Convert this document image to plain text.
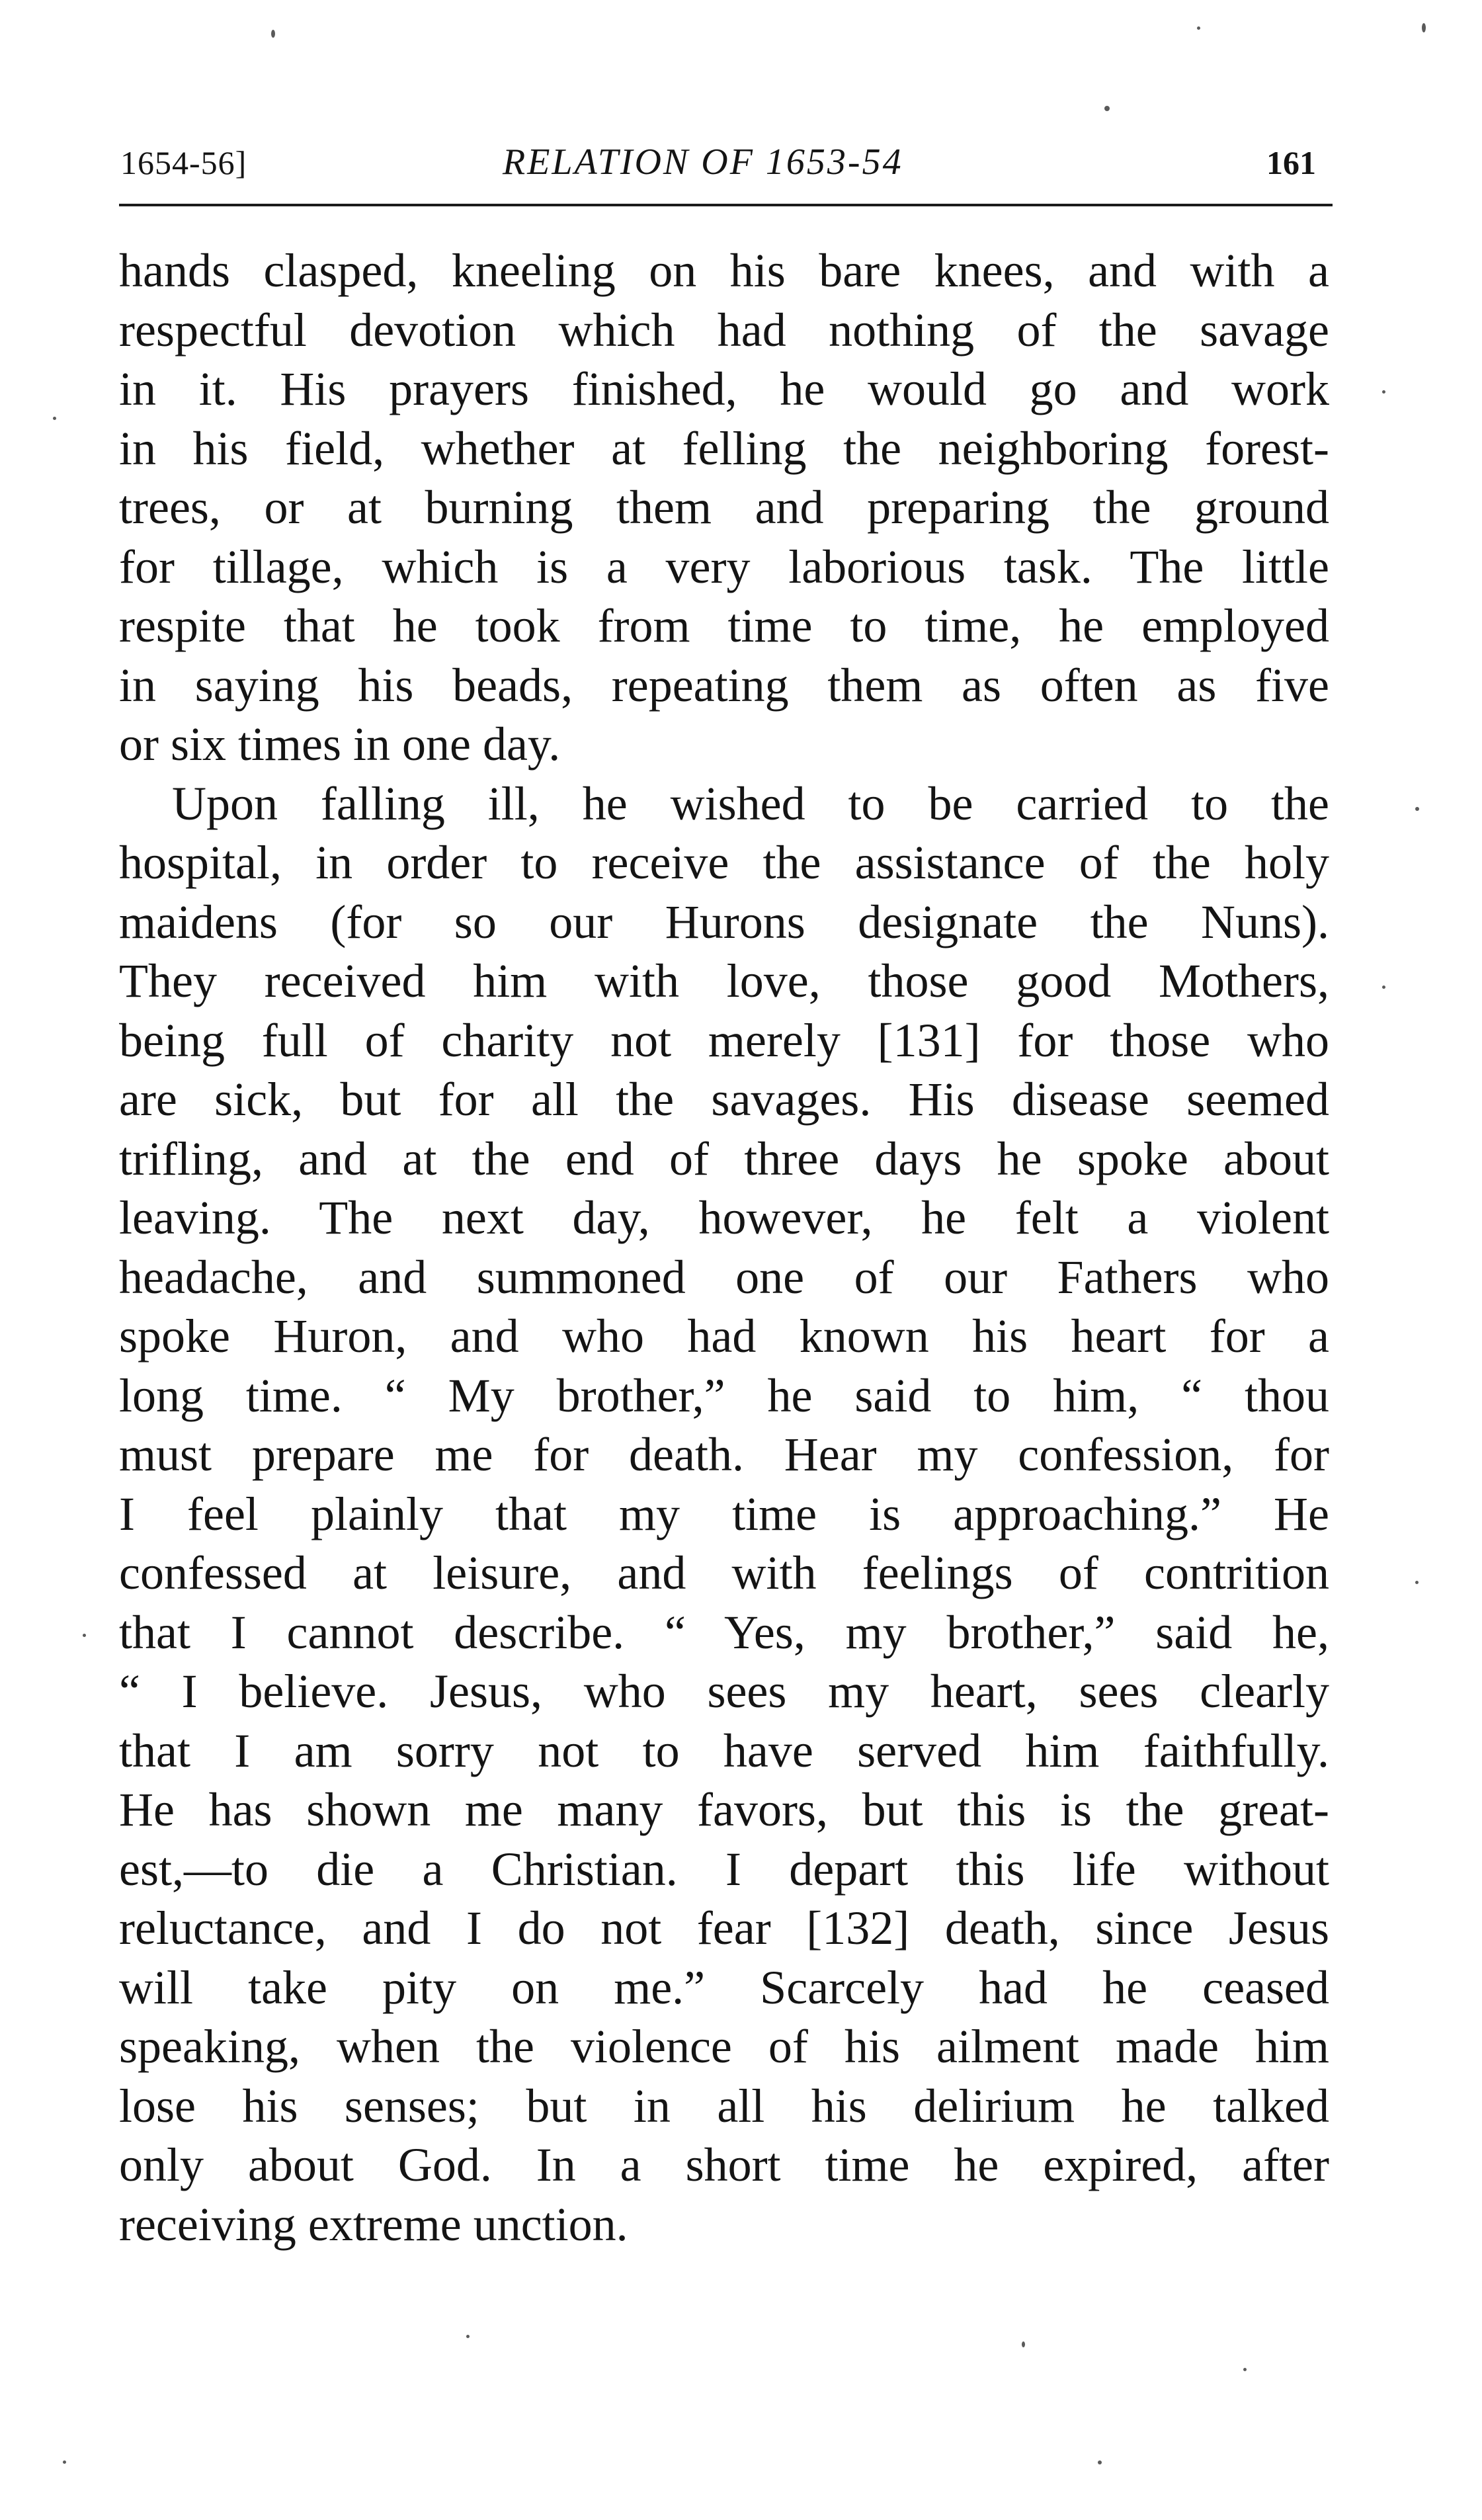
1654-56]	RELATION OF 1653-54	161
hands clasped, kneeling on his bare knees, and with a
respectful devotion which had nothing of the savage
in it. His prayers finished, he would go and work
in his field, whether at felling the neighboring forest-
trees, or at burning them and preparing the ground
for tillage, which is a very laborious task. The little
respite that he took from time to time, he employed
in saying his beads, repeating them as often as five
or six times in one day.
Upon falling ill, he wished to be carried to the
hospital, in order to receive the assistance of the holy
maidens (for so our Hurons designate the Nuns).
They received him with love, those good Mothers,
being full of charity not merely [131] for those who
are sick, but for all the savages. His disease seemed
trifling, and at the end of three days he spoke about
leaving. The next day, however, he felt a violent
headache, and summoned one of our Fathers who
spoke Huron, and who had known his heart for a
long time. “ My brother,” he said to him, “ thou
must prepare me for death. Hear my confession, for
I feel plainly that my time is approaching.” He
confessed at leisure, and with feelings of contrition
that I cannot describe. “ Yes, my brother,” said he,
“ I believe. Jesus, who sees my heart, sees clearly
that I am sorry not to have served him faithfully.
He has shown me many favors, but this is the great-
est,—to die a Christian. I depart this life without
reluctance, and I do not fear [132] death, since Jesus
will take pity on me.” Scarcely had he ceased
speaking, when the violence of his ailment made him
lose his senses; but in all his delirium he talked
only about God. In a short time he expired, after
receiving extreme unction.
